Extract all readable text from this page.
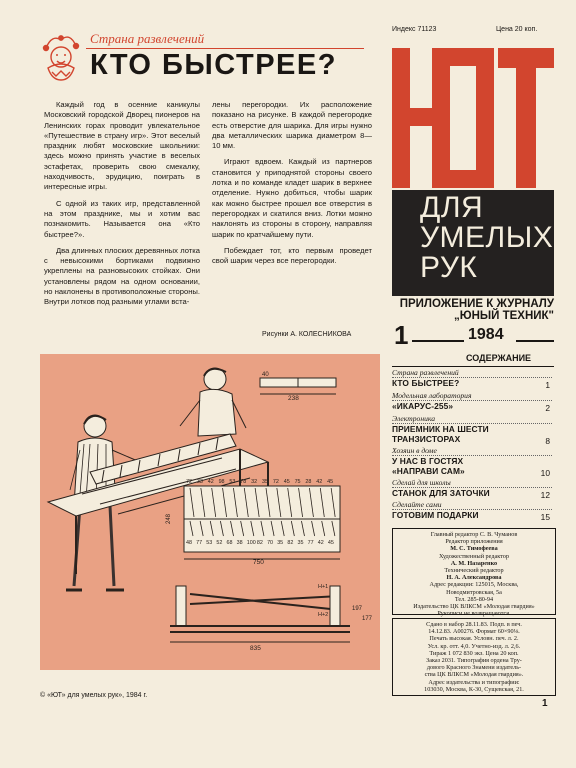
Индекс 71123	Цена 20 коп.
Страна развлечений
КТО БЫСТРЕЕ?

Каждый год в осенние каникулы Московский городской Дворец пионеров на Ленинских горах проводит увлекательное «Путешествие в страну игр». Этот веселый праздник любят московские школьники: здесь можно принять участие в веселых эстафетах, проверить свою смекалку, находчивость, эрудицию, поиграть в интересные игры.

С одной из таких игр, представленной на этом празднике, мы и хотим вас познакомить. Называется она «Кто быстрее?».

Два длинных плоских деревянных лотка с невысокими бортиками подвижно укреплены на разновысоких стойках. Они установлены рядом на одном основании, но наклонены в противоположные стороны. Внутри лотков под разными углами вста-

лены перегородки. Их расположение показано на рисунке. В каждой перегородке есть отверстие для шарика. Для игры нужно два металлических шарика диаметром 8—10 мм.

Играют вдвоем. Каждый из партнеров становится у приподнятой стороны своего лотка и по команде кладет шарик в верхнее отделение. Нужно добиться, чтобы шарик как можно быстрее прошел все отверстия в перегородках и скатился вниз. Лотки можно наклонять из стороны в сторону, направляя шарик по кратчайшему пути.

Побеждает тот, кто первым проведет свой шарик через все перегородки.

Рисунки А. КОЛЕСНИКОВА
ДЛЯ
УМЕЛЫХ
РУК
ПРИЛОЖЕНИЕ К ЖУРНАЛУ „ЮНЫЙ ТЕХНИК"
1	1984
СОДЕРЖАНИЕ
Страна развлечений
КТО БЫСТРЕЕ?	1
Модельная лаборатория
«ИКАРУС-255»	2
Электроника
ПРИЕМНИК НА ШЕСТИ ТРАНЗИСТОРАХ	8
Хозяин в доме
У НАС В ГОСТЯХ «НАПРАВИ САМ»	10
Сделай для школы
СТАНОК ДЛЯ ЗАТОЧКИ	12
Сделайте сами
ГОТОВИМ ПОДАРКИ	15
Главный редактор С. В. Чуманов
Редактор приложения
М. С. Тимофеева
Художественный редактор
А. М. Назаренко
Технический редактор
Н. А. Александрова
Адрес редакции: 125015, Москва,
Новодмитровская, 5а
Тел. 285-80-94
Издательство ЦК ВЛКСМ «Молодая гвардия»
Рукописи не возвращаются.
Сдано в набор 28.11.83. Подп. в печ.
14.12.83. А00276. Формат 60×90⅛.
Печать высокая. Условн. печ. л. 2.
Усл. кр. отт. 4,0. Учетно-изд. л. 2,6.
Тираж 1 072 830 экз. Цена 20 коп.
Заказ 2031. Типография ордена Тру-
дового Красного Знамени издатель-
ства ЦК ВЛКСМ «Молодая гвардия».
Адрес издательства и типографии:
103030, Москва, К-30, Сущевская, 21.
40
238
248
750
835
197
177
H+1
H+2
72 33 42 98 53 78 32 35 72 45 75 28 42 45
48 77 53 52 68 38 100 82 70 35 82 35 77 42 45
© «ЮТ» для умелых рук», 1984 г.
1
